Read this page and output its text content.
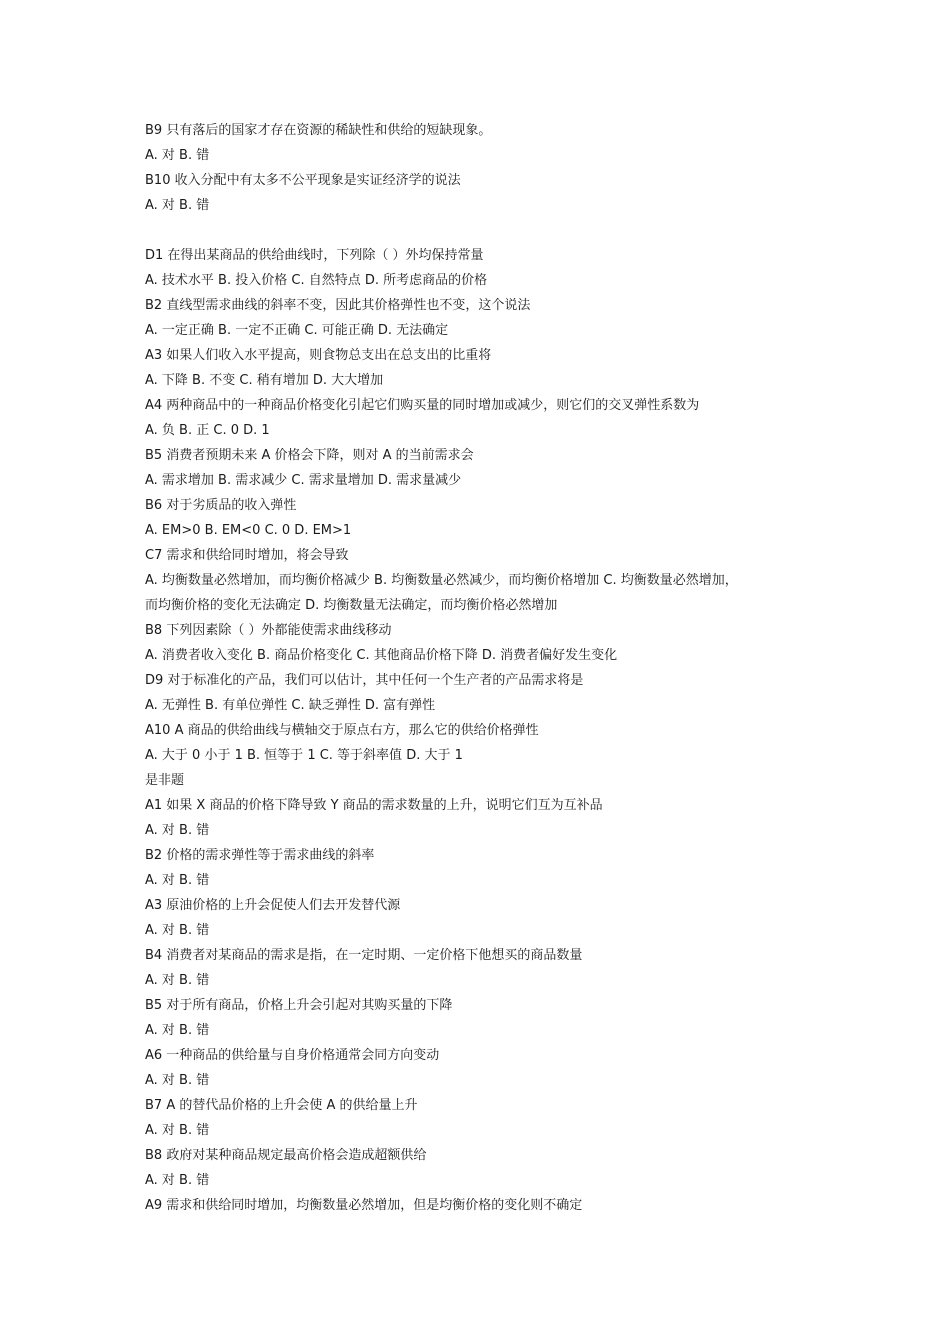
B9 只有落后的国家才存在资源的稀缺性和供给的短缺现象。
A. 对 B. 错
B10 收入分配中有太多不公平现象是实证经济学的说法
A. 对 B. 错
D1 在得出某商品的供给曲线时，下列除（ ）外均保持常量
A. 技术水平 B. 投入价格 C. 自然特点 D. 所考虑商品的价格
B2 直线型需求曲线的斜率不变，因此其价格弹性也不变，这个说法
A. 一定正确 B. 一定不正确 C. 可能正确 D. 无法确定
A3 如果人们收入水平提高，则食物总支出在总支出的比重将
A. 下降 B. 不变 C. 稍有增加 D. 大大增加
A4 两种商品中的一种商品价格变化引起它们购买量的同时增加或减少，则它们的交叉弹性系数为
A. 负 B. 正 C. 0 D. 1
B5 消费者预期未来 A 价格会下降，则对 A 的当前需求会
A. 需求增加 B. 需求减少 C. 需求量增加 D. 需求量减少
B6 对于劣质品的收入弹性
A. EM>0 B. EM<0 C. 0 D. EM>1
C7 需求和供给同时增加，将会导致
A. 均衡数量必然增加，而均衡价格减少 B. 均衡数量必然减少，而均衡价格增加 C. 均衡数量必然增加，
而均衡价格的变化无法确定 D. 均衡数量无法确定，而均衡价格必然增加
B8 下列因素除（ ）外都能使需求曲线移动
A. 消费者收入变化 B. 商品价格变化 C. 其他商品价格下降 D. 消费者偏好发生变化
D9 对于标准化的产品，我们可以估计，其中任何一个生产者的产品需求将是
A. 无弹性 B. 有单位弹性 C. 缺乏弹性 D. 富有弹性
A10 A 商品的供给曲线与横轴交于原点右方，那么它的供给价格弹性
A. 大于 0 小于 1 B. 恒等于 1 C. 等于斜率值 D. 大于 1
是非题
A1 如果 X 商品的价格下降导致 Y 商品的需求数量的上升，说明它们互为互补品
A. 对 B. 错
B2 价格的需求弹性等于需求曲线的斜率
A. 对 B. 错
A3 原油价格的上升会促使人们去开发替代源
A. 对 B. 错
B4 消费者对某商品的需求是指，在一定时期、一定价格下他想买的商品数量
A. 对 B. 错
B5 对于所有商品，价格上升会引起对其购买量的下降
A. 对 B. 错
A6 一种商品的供给量与自身价格通常会同方向变动
A. 对 B. 错
B7 A 的替代品价格的上升会使 A 的供给量上升
A. 对 B. 错
B8 政府对某种商品规定最高价格会造成超额供给
A. 对 B. 错
A9 需求和供给同时增加，均衡数量必然增加，但是均衡价格的变化则不确定
